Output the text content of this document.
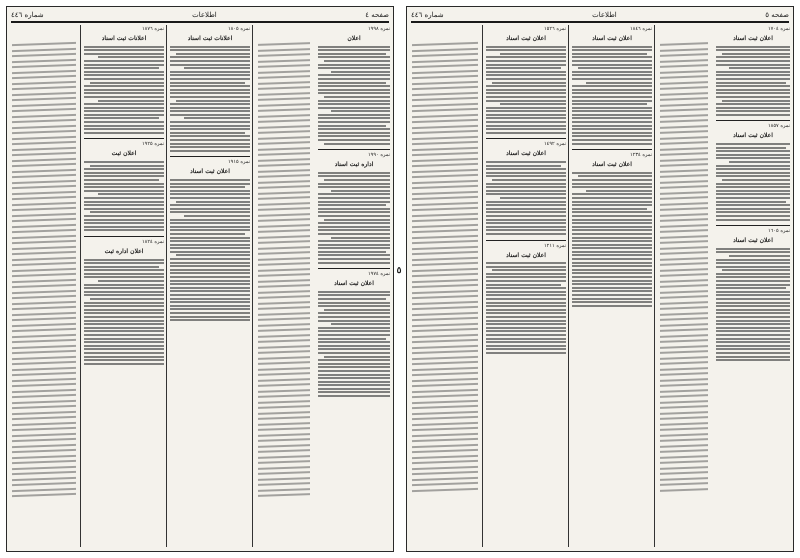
صفحه ٤
اطلاعات
شماره ٤٤٦
نمره ١٩٩٨
اعلان
نمره ١٩٩٠
اداره ثبت اسناد
نمره ١٩٧٤
اعلان ثبت اسناد
نمره ١٨٠٥
اعلانات ثبت اسناد
نمره ١٩١٥
اعلان ثبت اسناد
نمره ١٨٧٦
اعلانات ثبت اسناد
نمره ١٩٢٥
اعلان ثبت
نمره ١٨٢٤
اعلان اداره ثبت
٥
صفحه ٥
اطلاعات
شماره ٤٤٦
نمره ١٧٠٤
اعلان ثبت اسناد
نمره ١٨٥٧
اعلان ثبت اسناد
نمره ١٦٠٥
اعلان ثبت اسناد
نمره ١٨٤٦
اعلان ثبت اسناد
نمره ١٢٣٤
اعلان ثبت اسناد
نمره ١٥٢٦
اعلان ثبت اسناد
نمره ١٤٩٢
اعلان ثبت اسناد
نمره ١٢١١
اعلان ثبت اسناد
